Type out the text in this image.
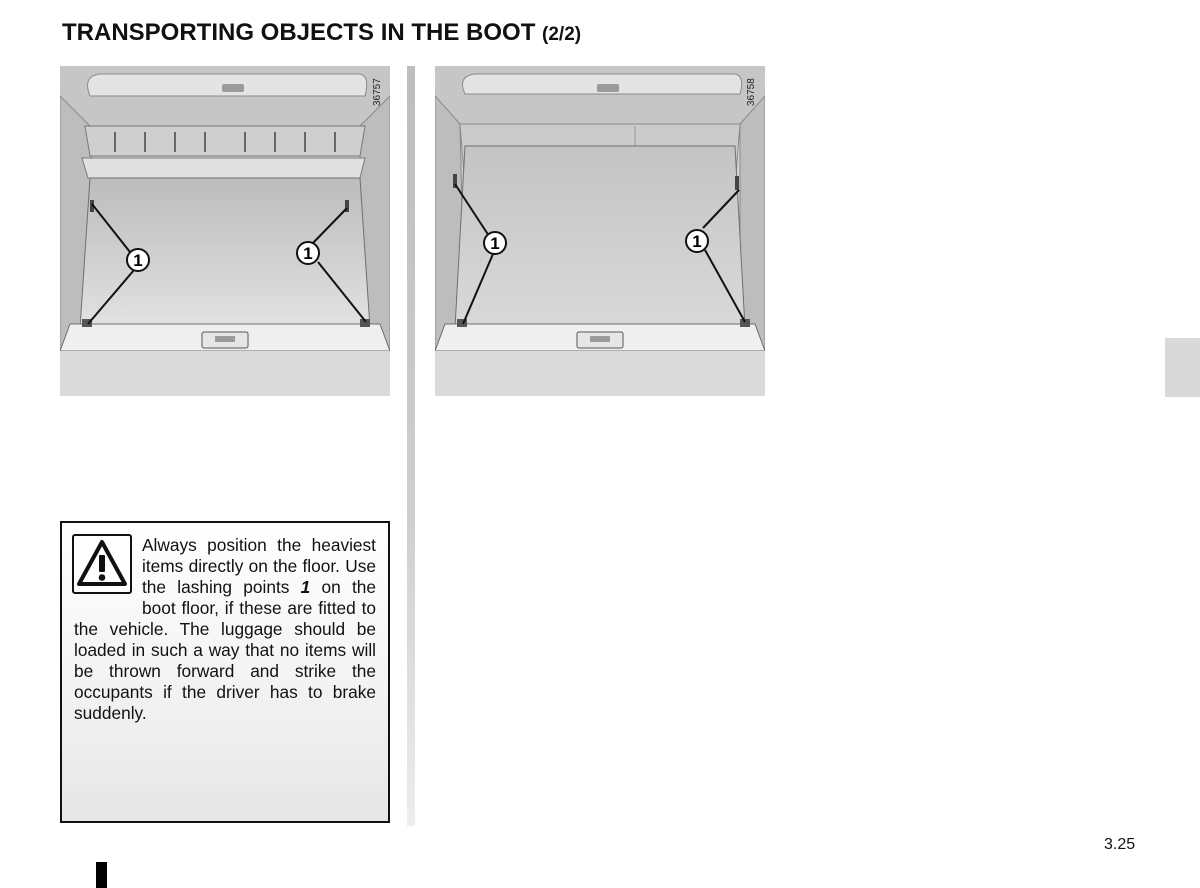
TRANSPORTING OBJECTS IN THE BOOT (2/2)
1	1
36757
1	1
36758

Always position the heaviest items directly on the floor. Use the lashing points 1 on the boot floor, if these are fitted to the vehicle. The luggage should be loaded in such a way that no items will be thrown forward and strike the occupants if the driver has to brake suddenly.

3.25
